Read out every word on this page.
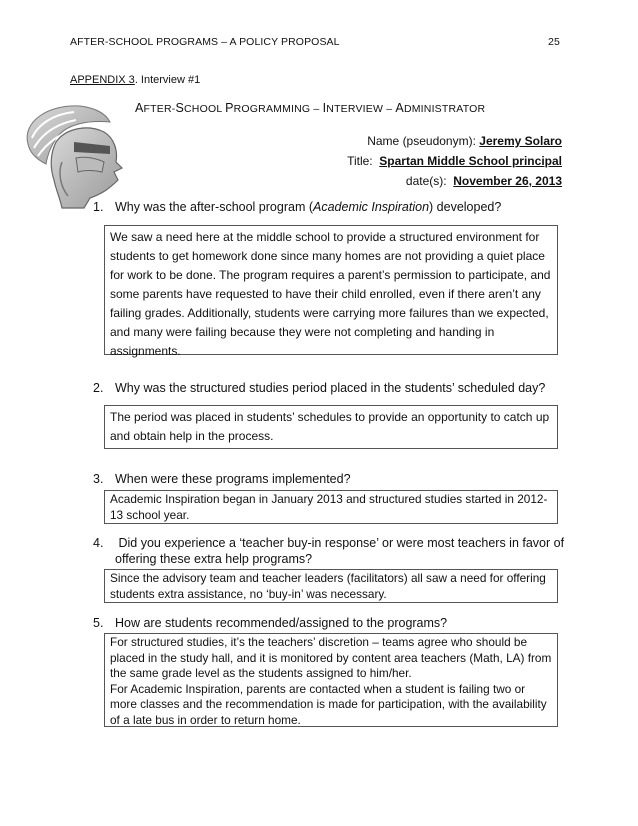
AFTER-SCHOOL PROGRAMS – A POLICY PROPOSAL	25
APPENDIX 3. Interview #1
AFTER-SCHOOL PROGRAMMING – INTERVIEW – ADMINISTRATOR
Name (pseudonym): Jeremy Solaro
Title: Spartan Middle School principal
date(s): November 26, 2013
1. Why was the after-school program (Academic Inspiration) developed?

We saw a need here at the middle school to provide a structured environment for students to get homework done since many homes are not providing a quiet place for work to be done. The program requires a parent’s permission to participate, and some parents have requested to have their child enrolled, even if there aren’t any failing grades. Additionally, students were carrying more failures than we expected, and many were failing because they were not completing and handing in assignments.

2. Why was the structured studies period placed in the students’ scheduled day?

The period was placed in students’ schedules to provide an opportunity to catch up and obtain help in the process.

3. When were these programs implemented?

Academic Inspiration began in January 2013 and structured studies started in 2012-13 school year.

4. Did you experience a ‘teacher buy-in response’ or were most teachers in favor of
offering these extra help programs?

Since the advisory team and teacher leaders (facilitators) all saw a need for offering students extra assistance, no ‘buy-in’ was necessary.

5. How are students recommended/assigned to the programs?

For structured studies, it’s the teachers’ discretion – teams agree who should be placed in the study hall, and it is monitored by content area teachers (Math, LA) from the same grade level as the students assigned to him/her.

For Academic Inspiration, parents are contacted when a student is failing two or more classes and the recommendation is made for participation, with the availability of a late bus in order to return home.
